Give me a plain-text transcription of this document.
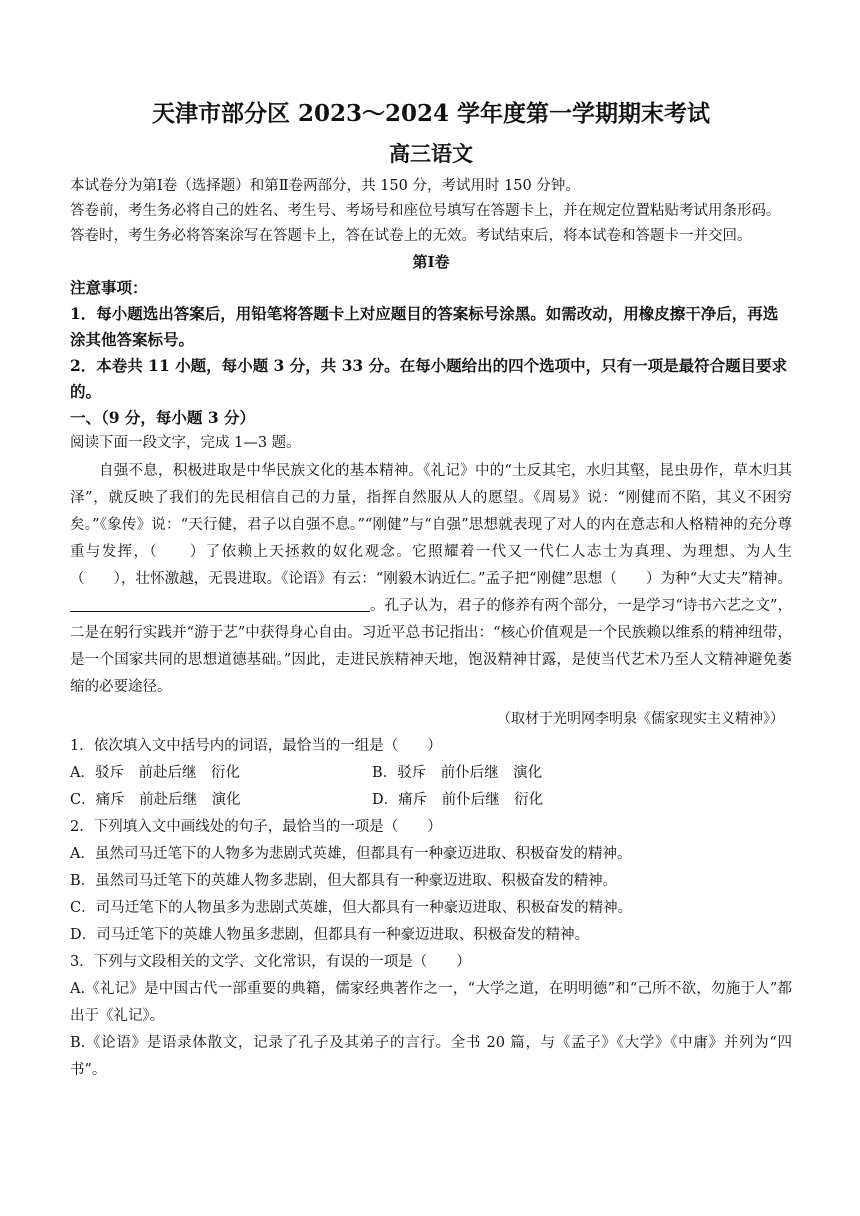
天津市部分区 2023～2024 学年度第一学期期末考试
高三语文
本试卷分为第Ⅰ卷（选择题）和第Ⅱ卷两部分，共 150 分，考试用时 150 分钟。
答卷前，考生务必将自己的姓名、考生号、考场号和座位号填写在答题卡上，并在规定位置粘贴考试用条形码。
答卷时，考生务必将答案涂写在答题卡上，答在试卷上的无效。考试结束后，将本试卷和答题卡一并交回。
第Ⅰ卷
注意事项：
1．每小题选出答案后，用铅笔将答题卡上对应题目的答案标号涂黑。如需改动，用橡皮擦干净后，再选涂其他答案标号。
2．本卷共 11 小题，每小题 3 分，共 33 分。在每小题给出的四个选项中，只有一项是最符合题目要求的。
一、（9 分，每小题 3 分）
阅读下面一段文字，完成 1—3 题。
自强不息，积极进取是中华民族文化的基本精神。《礼记》中的“土反其宅，水归其壑，昆虫毋作，草木归其泽”，就反映了我们的先民相信自己的力量，指挥自然服从人的愿望。《周易》说：“刚健而不陷，其义不困穷矣。”《象传》说：“天行健，君子以自强不息。”“刚健”与“自强”思想就表现了对人的内在意志和人格精神的充分尊重与发挥，（　　）了依赖上天拯救的奴化观念。它照耀着一代又一代仁人志士为真理、为理想、为人生（　　），壮怀激越，无畏进取。《论语》有云：“刚毅木讷近仁。”孟子把“刚健”思想（　　）为种“大丈夫”精神。。孔子认为，君子的修养有两个部分，一是学习“诗书六艺之文”，二是在躬行实践并“游于艺”中获得身心自由。习近平总书记指出：“核心价值观是一个民族赖以维系的精神纽带，是一个国家共同的思想道德基础。”因此，走进民族精神天地，饱汲精神甘露，是使当代艺术乃至人文精神避免萎缩的必要途径。
（取材于光明网李明泉《儒家现实主义精神》）
1．依次填入文中括号内的词语，最恰当的一组是（　　）
A．驳斥　前赴后继　衍化	B．驳斥　前仆后继　演化
C．痛斥　前赴后继　演化	D．痛斥　前仆后继　衍化
2．下列填入文中画线处的句子，最恰当的一项是（　　）
A．虽然司马迁笔下的人物多为悲剧式英雄，但都具有一种豪迈进取、积极奋发的精神。
B．虽然司马迁笔下的英雄人物多悲剧，但大都具有一种豪迈进取、积极奋发的精神。
C．司马迁笔下的人物虽多为悲剧式英雄，但大都具有一种豪迈进取、积极奋发的精神。
D．司马迁笔下的英雄人物虽多悲剧，但都具有一种豪迈进取、积极奋发的精神。
3．下列与文段相关的文学、文化常识，有误的一项是（　　）
A.《礼记》是中国古代一部重要的典籍，儒家经典著作之一，“大学之道，在明明德”和“己所不欲，勿施于人”都出于《礼记》。
B.《论语》是语录体散文，记录了孔子及其弟子的言行。全书 20 篇，与《孟子》《大学》《中庸》并列为“四书”。
